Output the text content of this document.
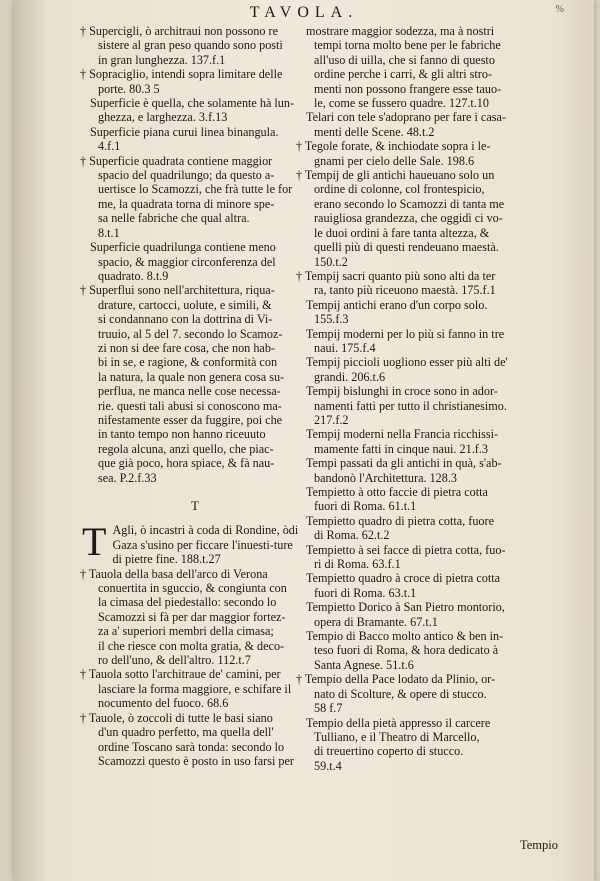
TAVOLA.	%
† Supercigli, ò architraui non possono re
sistere al gran peso quando sono posti
in gran lunghezza. 137.f.1
† Sopraciglio, intendi sopra limitare delle
porte. 80.3 5
Superficie è quella, che solamente hà lun-
ghezza, e larghezza. 3.f.13
Superficie piana curui linea binangula.
4.f.1
† Superficie quadrata contiene maggior
spacio del quadrilungo; da questo a-
uertisce lo Scamozzi, che frà tutte le for
me, la quadrata torna di minore spe-
sa nelle fabriche che qual altra.
8.t.1
Superficie quadrilunga contiene meno
spacio, & maggior circonferenza del
quadrato. 8.t.9
† Superflui sono nell'architettura, riqua-
drature, cartocci, uolute, e simili, &
si condannano con la dottrina di Vi-
truuio, al 5 del 7. secondo lo Scamoz-
zi non si dee fare cosa, che non hab-
bi in se, e ragione, & conformità con
la natura, la quale non genera cosa su-
perflua, ne manca nelle cose necessa-
rie. questi tali abusi si conoscono ma-
nifestamente esser da fuggire, poi che
in tanto tempo non hanno riceuuto
regola alcuna, anzi quello, che piac-
que già poco, hora spiace, & fà nau-
sea. P.2.f.33
T
T Agli, ò incastri à coda di Rondine, òdi Gaza s'usino per ficcare l'inuesti-ture di pietre fine. 188.t.27
† Tauola della basa dell'arco di Verona
conuertita in sguccio, & congiunta con
la cimasa del piedestallo: secondo lo
Scamozzi si fà per dar maggior fortez-
za a' superiori membri della cimasa;
il che riesce con molta gratia, & deco-
ro dell'uno, & dell'altro. 112.t.7
† Tauola sotto l'architraue de' camini, per
lasciare la forma maggiore, e schifare il
nocumento del fuoco. 68.6
† Tauole, ò zoccoli di tutte le basi siano
d'un quadro perfetto, ma quella dell'
ordine Toscano sarà tonda: secondo lo
Scamozzi questo è posto in uso farsi per
mostrare maggior sodezza, ma à nostri
tempi torna molto bene per le fabriche
all'uso di uilla, che si fanno di questo
ordine perche i carri, & gli altri stro-
menti non possono frangere esse tauo-
le, come se fussero quadre. 127.t.10
Telari con tele s'adoprano per fare i casa-
menti delle Scene. 48.t.2
† Tegole forate, & inchiodate sopra i le-
gnami per cielo delle Sale. 198.6
† Tempij de gli antichi haueuano solo un
ordine di colonne, col frontespicio,
erano secondo lo Scamozzi di tanta me
rauigliosa grandezza, che oggidì ci vo-
le duoi ordini à fare tanta altezza, &
quelli più di questi rendeuano maestà.
150.t.2
† Tempij sacri quanto più sono alti da ter
ra, tanto più riceuono maestà. 175.f.1
Tempij antichi erano d'un corpo solo.
155.f.3
Tempij moderni per lo più si fanno in tre
naui. 175.f.4
Tempij piccioli uogliono esser più alti de'
grandi. 206.t.6
Tempij bislunghi in croce sono in ador-
namenti fatti per tutto il christianesimo.
217.f.2
Tempij moderni nella Francia ricchissi-
mamente fatti in cinque naui. 21.f.3
Tempi passati da gli antichi in quà, s'ab-
bandonò l'Architettura. 128.3
Tempietto à otto faccie di pietra cotta
fuori di Roma. 61.t.1
Tempietto quadro di pietra cotta, fuore
di Roma. 62.t.2
Tempietto à sei facce di pietra cotta, fuo-
ri di Roma. 63.f.1
Tempietto quadro à croce di pietra cotta
fuori di Roma. 63.t.1
Tempietto Dorico à San Pietro montorio,
opera di Bramante. 67.t.1
Tempio di Bacco molto antico & ben in-
teso fuori di Roma, & hora dedicato à
Santa Agnese. 51.t.6
† Tempio della Pace lodato da Plinio, or-
nato di Scolture, & opere di stucco.
58 f.7
Tempio della pietà appresso il carcere
Tulliano, e il Theatro di Marcello,
di treuertino coperto di stucco.
59.t.4
Tempio
